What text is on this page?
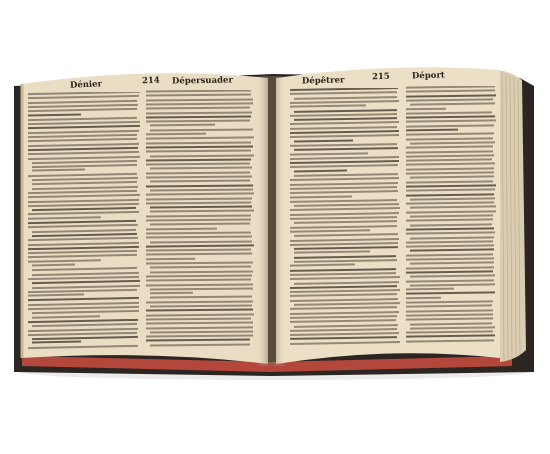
Dénier	214 Dépersuader	Dépêtrer	215	Déport
